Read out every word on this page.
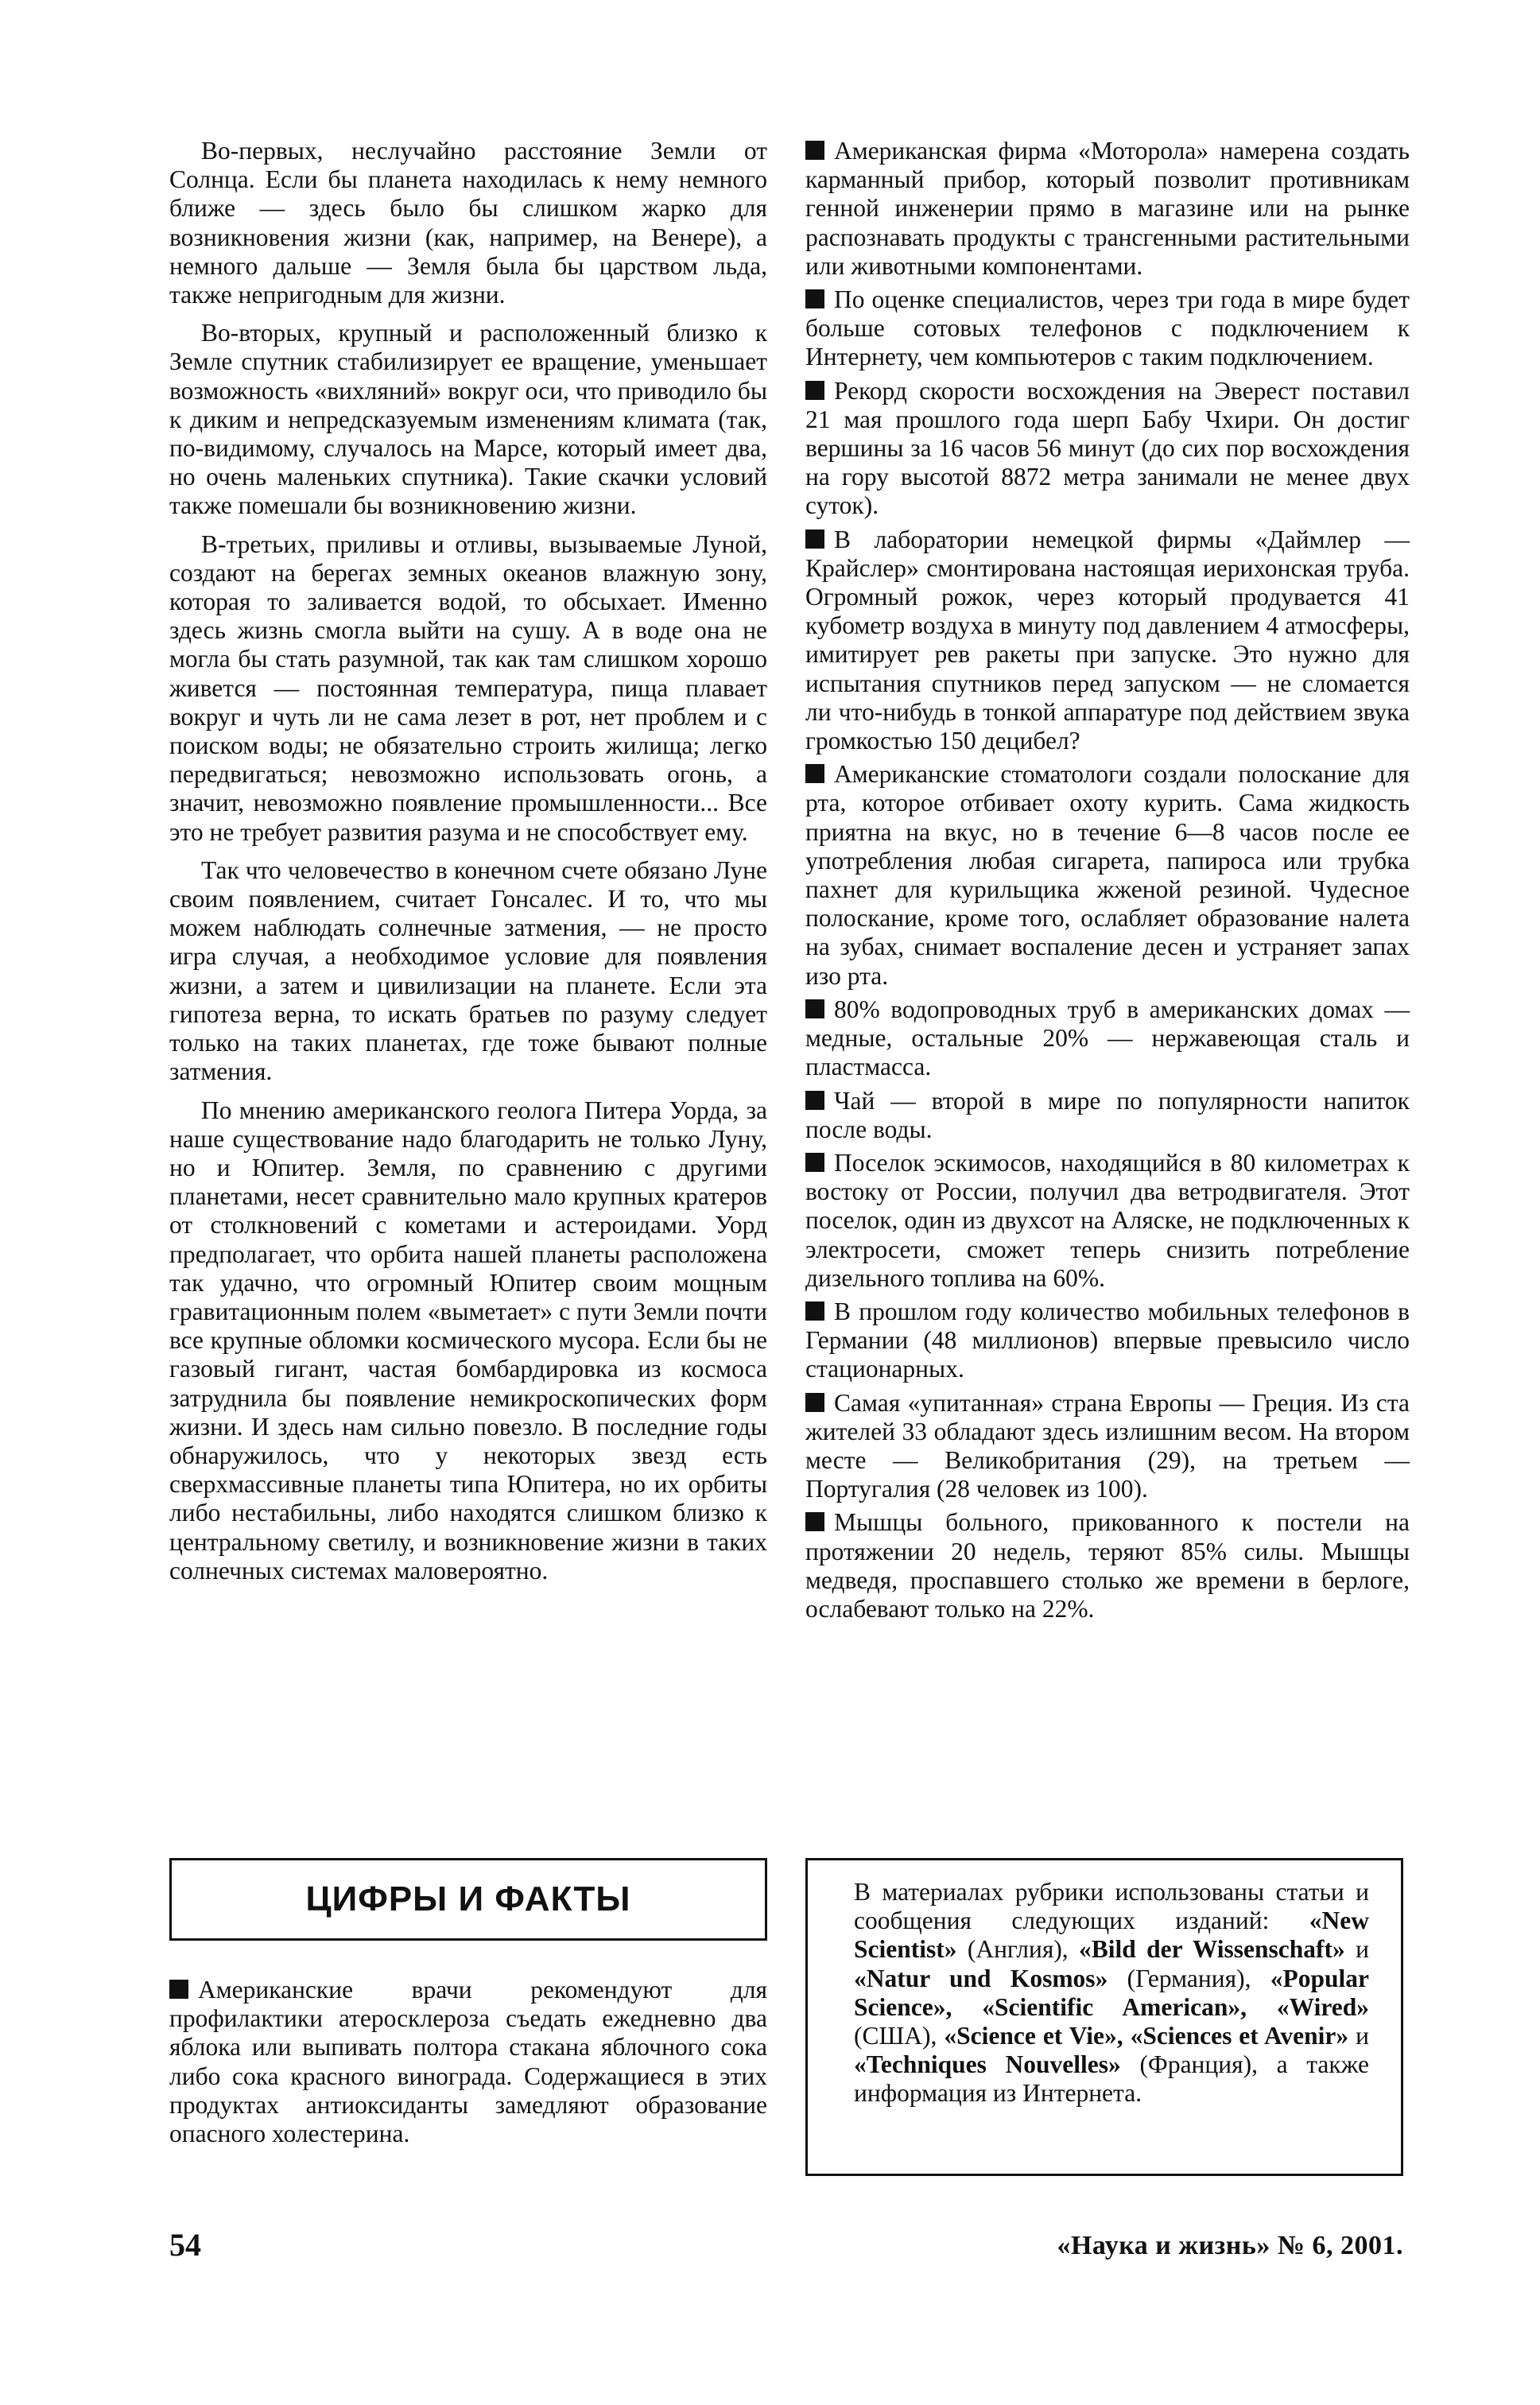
Во-первых, неслучайно расстояние Земли от Солнца. Если бы планета находилась к нему немного ближе — здесь было бы слишком жарко для возникновения жизни (как, например, на Венере), а немного дальше — Земля была бы царством льда, также непригодным для жизни.

Во-вторых, крупный и расположенный близко к Земле спутник стабилизирует ее вращение, уменьшает возможность «вихляний» вокруг оси, что приводило бы к диким и непредсказуемым изменениям климата (так, по-видимому, случалось на Марсе, который имеет два, но очень маленьких спутника). Такие скачки условий также помешали бы возникновению жизни.

В-третьих, приливы и отливы, вызываемые Луной, создают на берегах земных океанов влажную зону, которая то заливается водой, то обсыхает. Именно здесь жизнь смогла выйти на сушу. А в воде она не могла бы стать разумной, так как там слишком хорошо живется — постоянная температура, пища плавает вокруг и чуть ли не сама лезет в рот, нет проблем и с поиском воды; не обязательно строить жилища; легко передвигаться; невозможно использовать огонь, а значит, невозможно появление промышленности... Все это не требует развития разума и не способствует ему.

Так что человечество в конечном счете обязано Луне своим появлением, считает Гонсалес. И то, что мы можем наблюдать солнечные затмения, — не просто игра случая, а необходимое условие для появления жизни, а затем и цивилизации на планете. Если эта гипотеза верна, то искать братьев по разуму следует только на таких планетах, где тоже бывают полные затмения.

По мнению американского геолога Питера Уорда, за наше существование надо благодарить не только Луну, но и Юпитер. Земля, по сравнению с другими планетами, несет сравнительно мало крупных кратеров от столкновений с кометами и астероидами. Уорд предполагает, что орбита нашей планеты расположена так удачно, что огромный Юпитер своим мощным гравитационным полем «выметает» с пути Земли почти все крупные обломки космического мусора. Если бы не газовый гигант, частая бомбардировка из космоса затруднила бы появление немикроскопических форм жизни. И здесь нам сильно повезло. В последние годы обнаружилось, что у некоторых звезд есть сверхмассивные планеты типа Юпитера, но их орбиты либо нестабильны, либо находятся слишком близко к центральному светилу, и возникновение жизни в таких солнечных системах маловероятно.

Американская фирма «Моторола» намерена создать карманный прибор, который позволит противникам генной инженерии прямо в магазине или на рынке распознавать продукты с трансгенными растительными или животными компонентами.

По оценке специалистов, через три года в мире будет больше сотовых телефонов с подключением к Интернету, чем компьютеров с таким подключением.

Рекорд скорости восхождения на Эверест поставил 21 мая прошлого года шерп Бабу Чхири. Он достиг вершины за 16 часов 56 минут (до сих пор восхождения на гору высотой 8872 метра занимали не менее двух суток).

В лаборатории немецкой фирмы «Даймлер — Крайслер» смонтирована настоящая иерихонская труба. Огромный рожок, через который продувается 41 кубометр воздуха в минуту под давлением 4 атмосферы, имитирует рев ракеты при запуске. Это нужно для испытания спутников перед запуском — не сломается ли что-нибудь в тонкой аппаратуре под действием звука громкостью 150 децибел?

Американские стоматологи создали полоскание для рта, которое отбивает охоту курить. Сама жидкость приятна на вкус, но в течение 6—8 часов после ее употребления любая сигарета, папироса или трубка пахнет для курильщика жженой резиной. Чудесное полоскание, кроме того, ослабляет образование налета на зубах, снимает воспаление десен и устраняет запах изо рта.

80% водопроводных труб в американских домах — медные, остальные 20% — нержавеющая сталь и пластмасса.

Чай — второй в мире по популярности напиток после воды.

Поселок эскимосов, находящийся в 80 километрах к востоку от России, получил два ветродвигателя. Этот поселок, один из двухсот на Аляске, не подключенных к электросети, сможет теперь снизить потребление дизельного топлива на 60%.

В прошлом году количество мобильных телефонов в Германии (48 миллионов) впервые превысило число стационарных.

Самая «упитанная» страна Европы — Греция. Из ста жителей 33 обладают здесь излишним весом. На втором месте — Великобритания (29), на третьем — Португалия (28 человек из 100).

Мышцы больного, прикованного к постели на протяжении 20 недель, теряют 85% силы. Мышцы медведя, проспавшего столько же времени в берлоге, ослабевают только на 22%.

ЦИФРЫ И ФАКТЫ

Американские врачи рекомендуют для профилактики атеросклероза съедать ежедневно два яблока или выпивать полтора стакана яблочного сока либо сока красного винограда. Содержащиеся в этих продуктах антиоксиданты замедляют образование опасного холестерина.

В материалах рубрики использованы статьи и сообщения следующих изданий: «New Scientist» (Англия), «Bild der Wissenschaft» и «Natur und Kosmos» (Германия), «Popular Science», «Scientific American», «Wired» (США), «Science et Vie», «Sciences et Avenir» и «Techniques Nouvelles» (Франция), а также информация из Интернета.
54	«Наука и жизнь» № 6, 2001.
